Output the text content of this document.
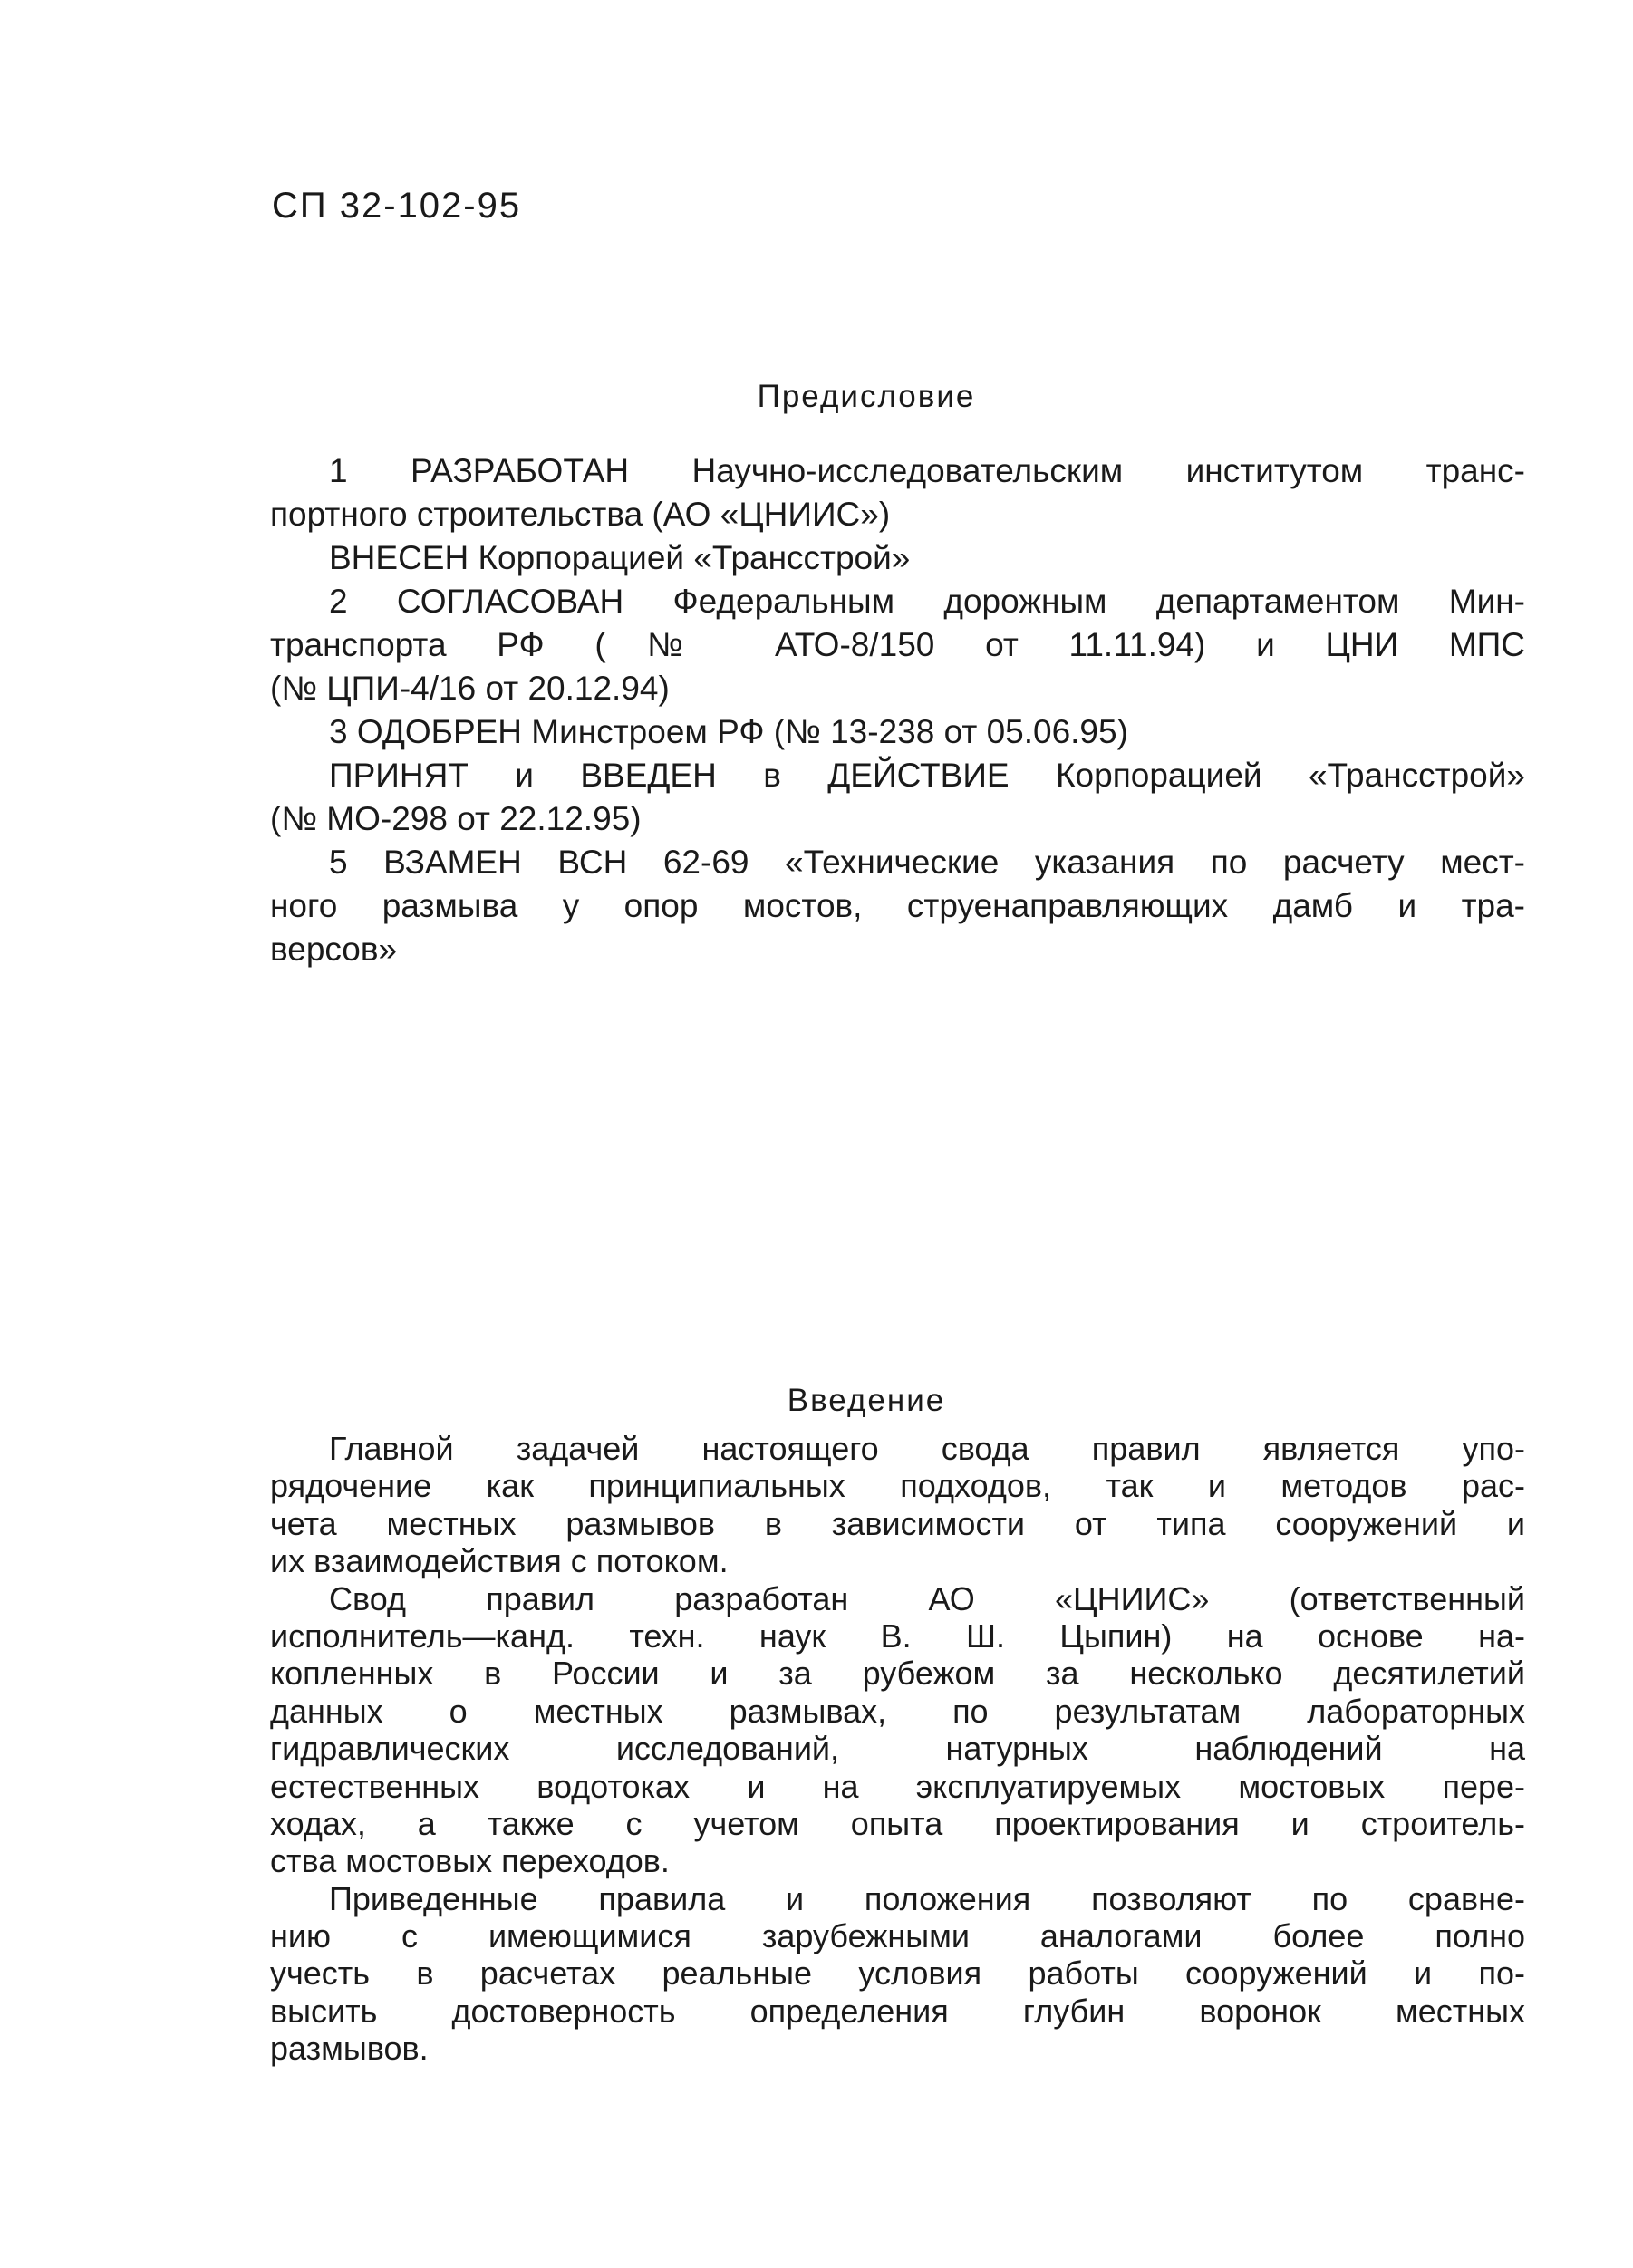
СП 32-102-95
Предисловие
1 РАЗРАБОТАН Научно-исследовательским институтом транс-
портного строительства (АО «ЦНИИС»)
ВНЕСЕН Корпорацией «Трансстрой»
2 СОГЛАСОВАН Федеральным дорожным департаментом Мин-
транспорта РФ (№ АТО-8/150 от 11.11.94) и ЦНИ МПС
(№ ЦПИ-4/16 от 20.12.94)
3 ОДОБРЕН Минстроем РФ (№ 13-238 от 05.06.95)
ПРИНЯТ и ВВЕДЕН в ДЕЙСТВИЕ Корпорацией «Трансстрой»
(№ МО-298 от 22.12.95)
5 ВЗАМЕН ВСН 62-69 «Технические указания по расчету мест-
ного размыва у опор мостов, струенаправляющих дамб и тра-
версов»
Введение
Главной задачей настоящего свода правил является упо-
рядочение как принципиальных подходов, так и методов рас-
чета местных размывов в зависимости от типа сооружений и
их взаимодействия с потоком.
Свод правил разработан АО «ЦНИИС» (ответственный
исполнитель—канд. техн. наук В. Ш. Цыпин) на основе на-
копленных в России и за рубежом за несколько десятилетий
данных о местных размывах, по результатам лабораторных
гидравлических исследований, натурных наблюдений на
естественных водотоках и на эксплуатируемых мостовых пере-
ходах, а также с учетом опыта проектирования и строитель-
ства мостовых переходов.
Приведенные правила и положения позволяют по сравне-
нию с имеющимися зарубежными аналогами более полно
учесть в расчетах реальные условия работы сооружений и по-
высить достоверность определения глубин воронок местных
размывов.
